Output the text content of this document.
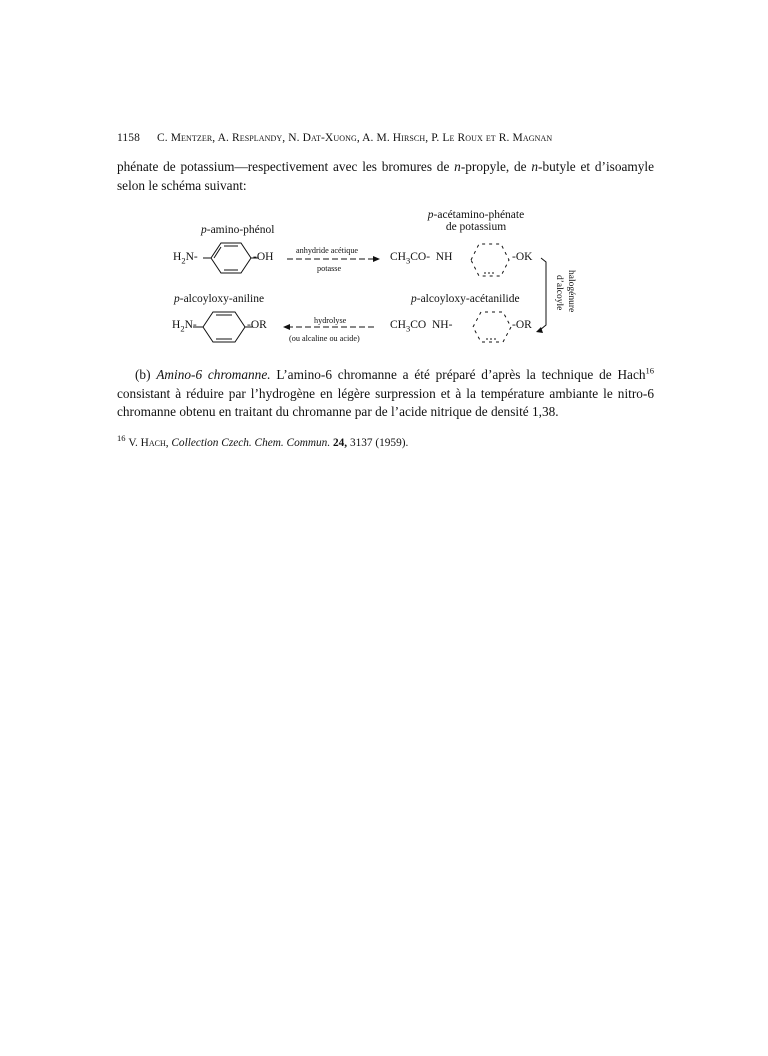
1158 C. Mentzer, A. Resplandy, N. Dat-Xuong, A. M. Hirsch, P. Le Roux et R. Magnan
phénate de potassium—respectivement avec les bromures de n-propyle, de n-butyle et d’isoamyle selon le schéma suivant:
p-amino-phénol
p-acétamino-phénate
de potassium
p-alcoyloxy-aniline	p-alcoyloxy-acétanilide
$H_2N-$	-OH	$CH_3CO-$  NH	-OK
$H_2N-$	-OR	$CH_3CO$  NH-	-OR
anhydride acétique
potasse
hydrolyse
(ou alcaline ou acide)
halogénure
d’alcoyle
(b) Amino-6 chromanne. L’amino-6 chromanne a été préparé d’après la technique de Hach$^{16}$ consistant à réduire par l’hydrogène en légère surpression et à la température ambiante le nitro-6 chromanne obtenu en traitant du chromanne par de l’acide nitrique de densité 1,38.
$^{16}$ V. Hach, Collection Czech. Chem. Commun. 24, 3137 (1959).
